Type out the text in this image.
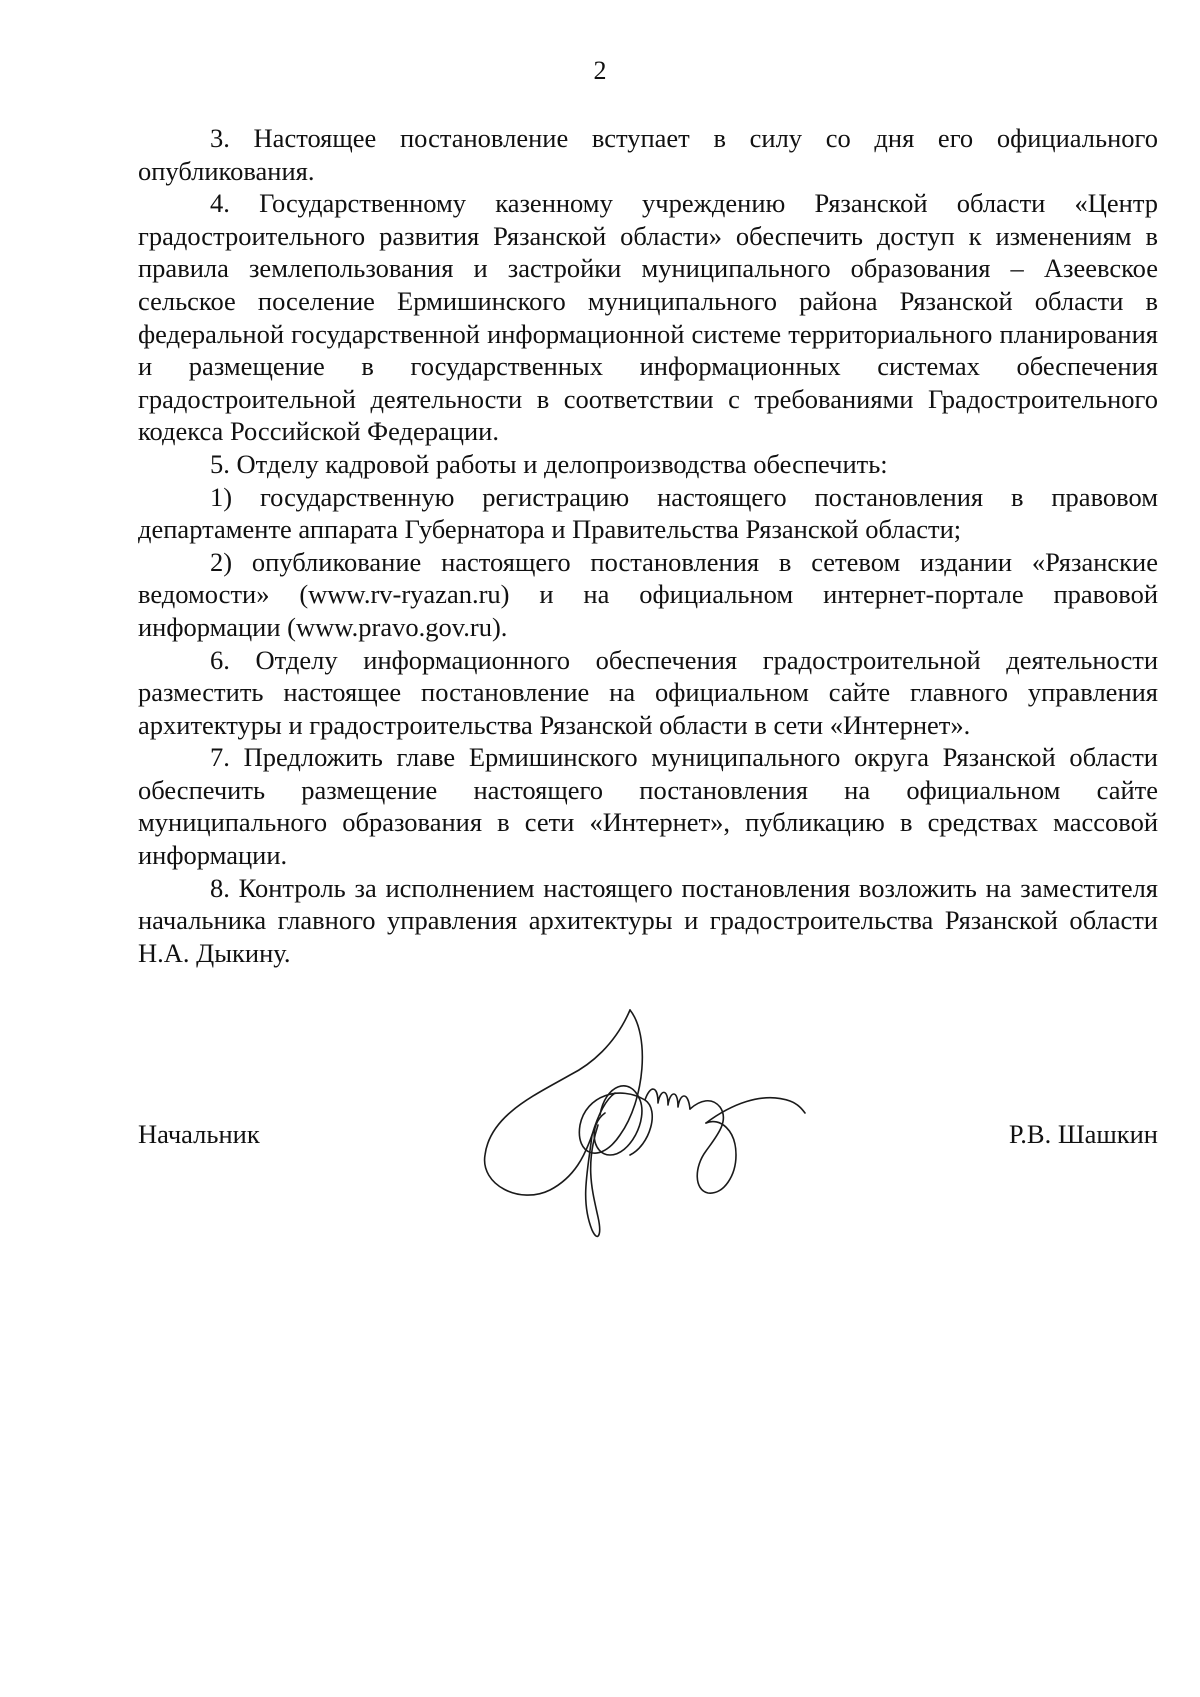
2

3. Настоящее постановление вступает в силу со дня его официального опубликования.

4. Государственному казенному учреждению Рязанской области «Центр градостроительного развития Рязанской области» обеспечить доступ к изменениям в правила землепользования и застройки муниципального образования – Азеевское сельское поселение Ермишинского муниципального района Рязанской области в федеральной государственной информационной системе территориального планирования и размещение в государственных информационных системах обеспечения градостроительной деятельности в соответствии с требованиями Градостроительного кодекса Российской Федерации.

5. Отделу кадровой работы и делопроизводства обеспечить:

1) государственную регистрацию настоящего постановления в правовом департаменте аппарата Губернатора и Правительства Рязанской области;

2) опубликование настоящего постановления в сетевом издании «Рязанские ведомости» (www.rv-ryazan.ru) и на официальном интернет-портале правовой информации (www.pravo.gov.ru).

6. Отделу информационного обеспечения градостроительной деятельности разместить настоящее постановление на официальном сайте главного управления архитектуры и градостроительства Рязанской области в сети «Интернет».

7. Предложить главе Ермишинского муниципального округа Рязанской области обеспечить размещение настоящего постановления на официальном сайте муниципального образования в сети «Интернет», публикацию в средствах массовой информации.

8. Контроль за исполнением настоящего постановления возложить на заместителя начальника главного управления архитектуры и градостроительства Рязанской области Н.А. Дыкину.

Начальник	Р.В. Шашкин
